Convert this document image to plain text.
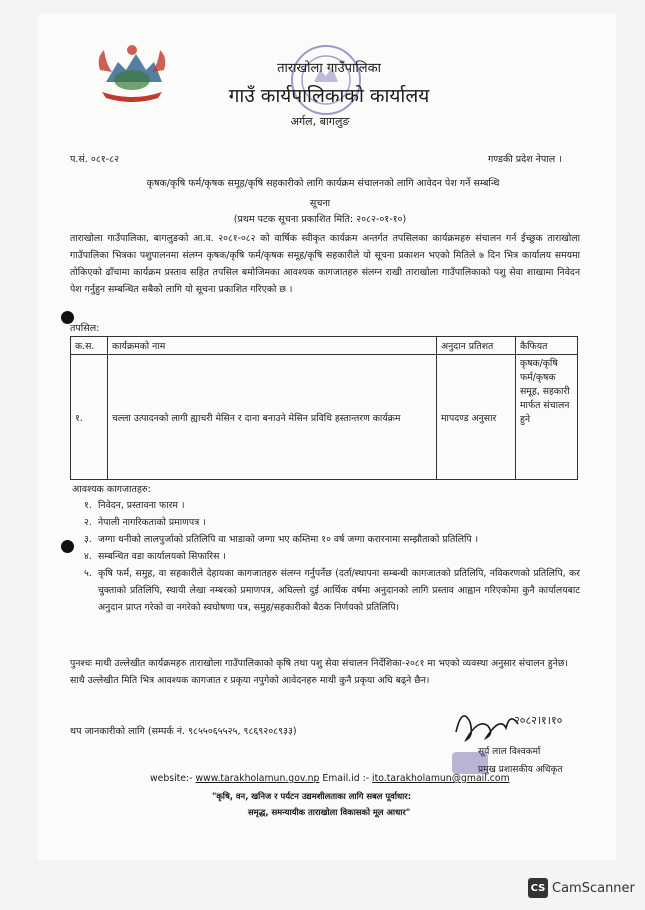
ताराखोला गाउँपालिका
गाउँ कार्यपालिकाको कार्यालय
अर्गल, बागलुङ
प.सं. ०८१-८२	गण्डकी प्रदेश नेपाल ।
कृषक/कृषि फर्म/कृषक समूह/कृषि सहकारीको लागि कार्यक्रम संचालनको लागि आवेदन पेश गर्ने सम्बन्धि
सूचना
(प्रथम पटक सूचना प्रकाशित मिति: २०८२-०१-१०)
ताराखोला गाउँपालिका, बागलुङको आ.व. २०८१-०८२ को वार्षिक स्वीकृत कार्यक्रम अन्तर्गत तपसिलका कार्यक्रमहरु संचालन गर्न ईच्छुक ताराखोला गाउँपालिका भित्रका पशुपालनमा संलग्न कृषक/कृषि फर्म/कृषक समूह/कृषि सहकारीले यो सूचना प्रकाशन भएको मितिले ७ दिन भित्र कार्यालय समयमा तोकिएको ढाँचामा कार्यक्रम प्रस्ताव सहित तपसिल बमोजिमका आवश्यक कागजातहरु संलग्न राखी ताराखोला गाउँपालिकाको पशु सेवा शाखामा निवेदन पेश गर्नुहुन सम्बन्धित सबैको लागि यो सूचना प्रकाशित गरिएको छ ।
तपसिल:
क.स.	कार्यक्रमको नाम	अनुदान प्रतिशत	कैफियत
१.	चल्ला उत्पादनको लागी ह्याचरी मेसिन र दाना बनाउने मेसिन प्रविधि हस्तान्तरण कार्यक्रम	मापदण्ड अनुसार	कृषक/कृषि फर्म/कृषक समूह, सहकारी मार्फत संचालन हुने
आवश्यक कागजातहरु:
१. निवेदन, प्रस्तावना फारम ।
२. नेपाली नागरिकताको प्रमाणपत्र ।
३. जग्गा धनीको लालपुर्जाको प्रतिलिपि वा भाडाको जग्गा भए कम्तिमा १० वर्ष जग्गा करारनामा सम्झौताको प्रतिलिपि ।
४. सम्बन्धित वडा कार्यालयको सिफारिस ।
५. कृषि फर्म, समुह, वा सहकारीले देहायका कागजातहरु संलग्न गर्नुपर्नेछ (दर्ता/स्थापना सम्बन्धी कागजातको प्रतिलिपि, नविकरणको प्रतिलिपि, कर चुक्ताको प्रतिलिपि, स्थायी लेखा नम्बरको प्रमाणपत्र, अघिल्लो दुई आर्थिक वर्षमा अनुदानको लागि प्रस्ताव आह्वान गरिएकोमा कुनै कार्यालयबाट अनुदान प्राप्त गरेको वा नगरेको स्वघोषणा पत्र, समुह/सहकारीको बैठक निर्णयको प्रतिलिपि।
पुनश्चः माथी उल्लेखीत कार्यक्रमहरु ताराखोला गाउँपालिकाको कृषि तथा पशु सेवा संचालन निर्देशिका-२०८१ मा भएको व्यवस्था अनुसार संचालन हुनेछ। साथै उल्लेखीत मिति भित्र आवश्यक कागजात र प्रकृया नपुगेको आवेदनहरु माथी कुनै प्रकृया अघि बढ्ने छैन।
थप जानकारीको लागि (सम्पर्क नं. ९८५५०६५५२५, ९८६९२०८९३३)
२०८२।१।१०
सूर्य लाल विश्वकर्मा
प्रमुख प्रशासकीय अधिकृत
website:- www.tarakholamun.gov.np Email.id :- ito.tarakholamun@gmail.com
"कृषि, वन, खनिज र पर्यटन उद्यमशीलताका लागि सबल पूर्वाधार:
समृद्ध, समन्यायीक ताराखोला विकासको मूल आधार"
CS CamScanner
